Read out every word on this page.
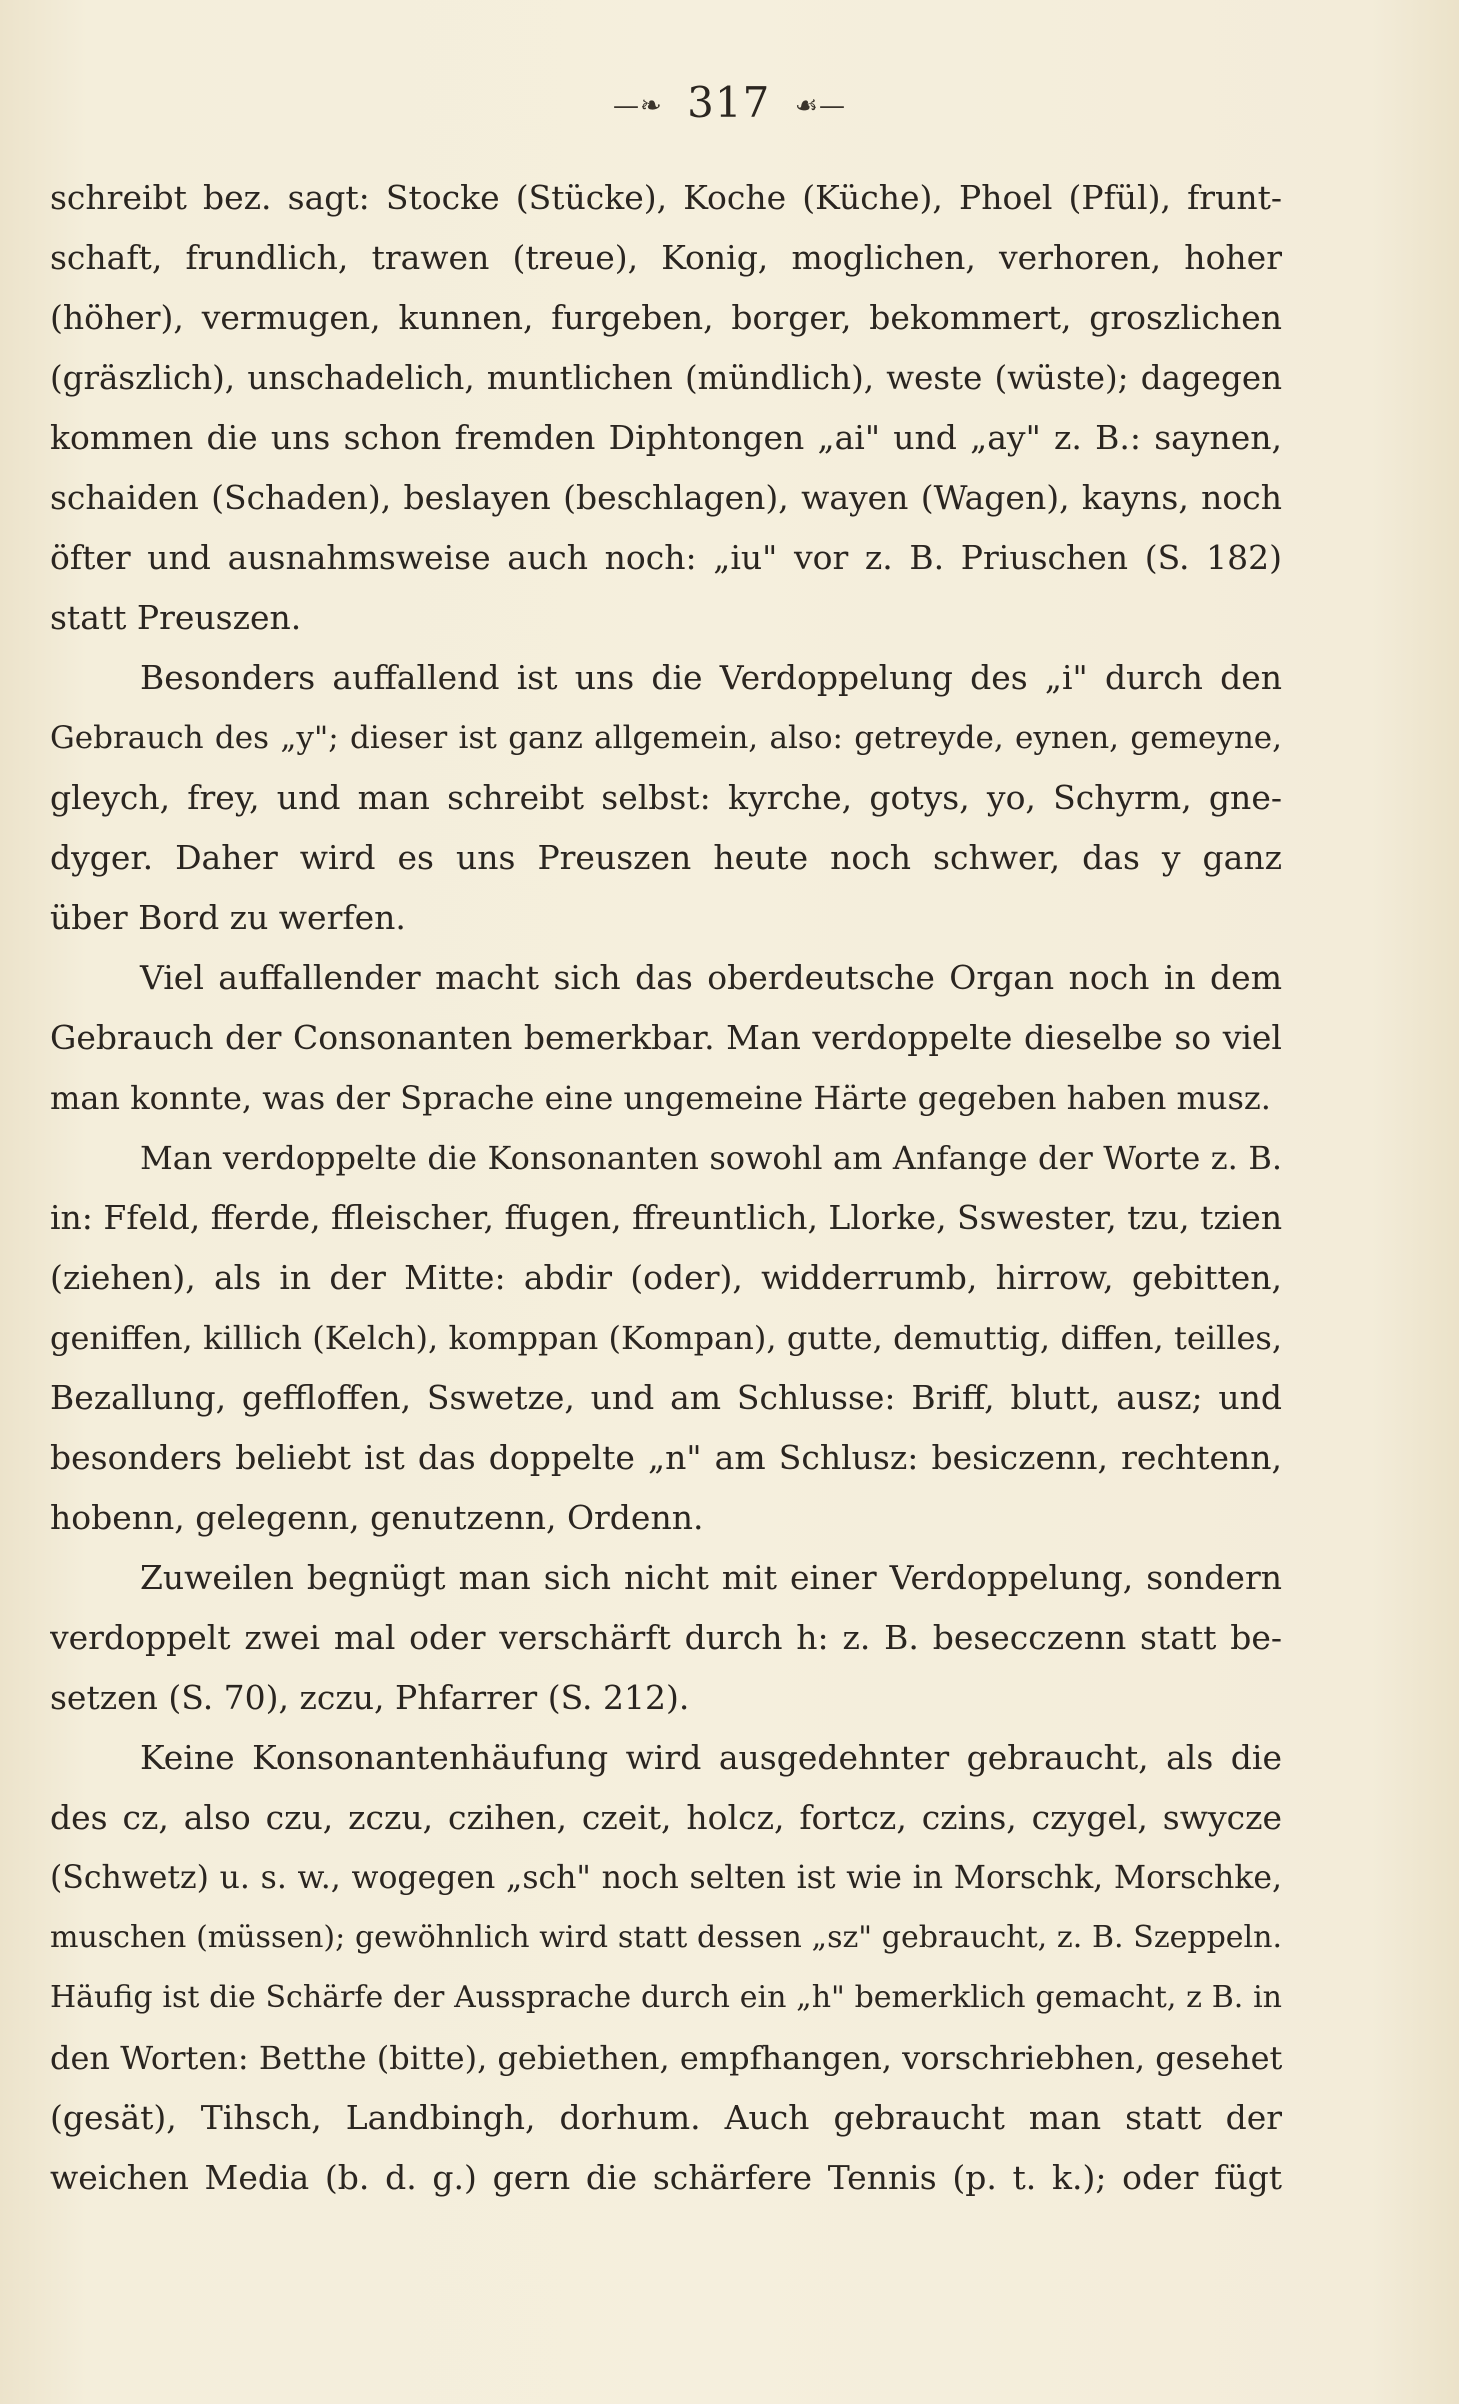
—❧ 317 ☙—
schreibt bez. sagt: Stocke (Stücke), Koche (Küche), Phoel (Pfül), frunt-
schaft, frundlich, trawen (treue), Konig, moglichen, verhoren, hoher
(höher), vermugen, kunnen, furgeben, borger, bekommert, groszlichen
(gräszlich), unschadelich, muntlichen (mündlich), weste (wüste); dagegen
kommen die uns schon fremden Diphtongen „ai" und „ay" z. B.: saynen,
schaiden (Schaden), beslayen (beschlagen), wayen (Wagen), kayns, noch
öfter und ausnahmsweise auch noch: „iu" vor z. B. Priuschen (S. 182)
statt Preuszen.
Besonders auffallend ist uns die Verdoppelung des „i" durch den
Gebrauch des „y"; dieser ist ganz allgemein, also: getreyde, eynen, gemeyne,
gleych, frey, und man schreibt selbst: kyrche, gotys, yo, Schyrm, gne-
dyger. Daher wird es uns Preuszen heute noch schwer, das y ganz
über Bord zu werfen.
Viel auffallender macht sich das oberdeutsche Organ noch in dem
Gebrauch der Consonanten bemerkbar. Man verdoppelte dieselbe so viel
man konnte, was der Sprache eine ungemeine Härte gegeben haben musz.
Man verdoppelte die Konsonanten sowohl am Anfange der Worte z. B.
in: Ffeld, fferde, ffleischer, ffugen, ffreuntlich, Llorke, Sswester, tzu, tzien
(ziehen), als in der Mitte: abdir (oder), widderrumb, hirrow, gebitten,
geniffen, killich (Kelch), komppan (Kompan), gutte, demuttig, diffen, teilles,
Bezallung, geffloffen, Sswetze, und am Schlusse: Briff, blutt, ausz; und
besonders beliebt ist das doppelte „n" am Schlusz: besiczenn, rechtenn,
hobenn, gelegenn, genutzenn, Ordenn.
Zuweilen begnügt man sich nicht mit einer Verdoppelung, sondern
verdoppelt zwei mal oder verschärft durch h: z. B. besecczenn statt be-
setzen (S. 70), zczu, Phfarrer (S. 212).
Keine Konsonantenhäufung wird ausgedehnter gebraucht, als die
des cz, also czu, zczu, czihen, czeit, holcz, fortcz, czins, czygel, swycze
(Schwetz) u. s. w., wogegen „sch" noch selten ist wie in Morschk, Morschke,
muschen (müssen); gewöhnlich wird statt dessen „sz" gebraucht, z. B. Szeppeln.
Häufig ist die Schärfe der Aussprache durch ein „h" bemerklich gemacht, z B. in
den Worten: Betthe (bitte), gebiethen, empfhangen, vorschriebhen, gesehet
(gesät), Tihsch, Landbingh, dorhum. Auch gebraucht man statt der
weichen Media (b. d. g.) gern die schärfere Tennis (p. t. k.); oder fügt
